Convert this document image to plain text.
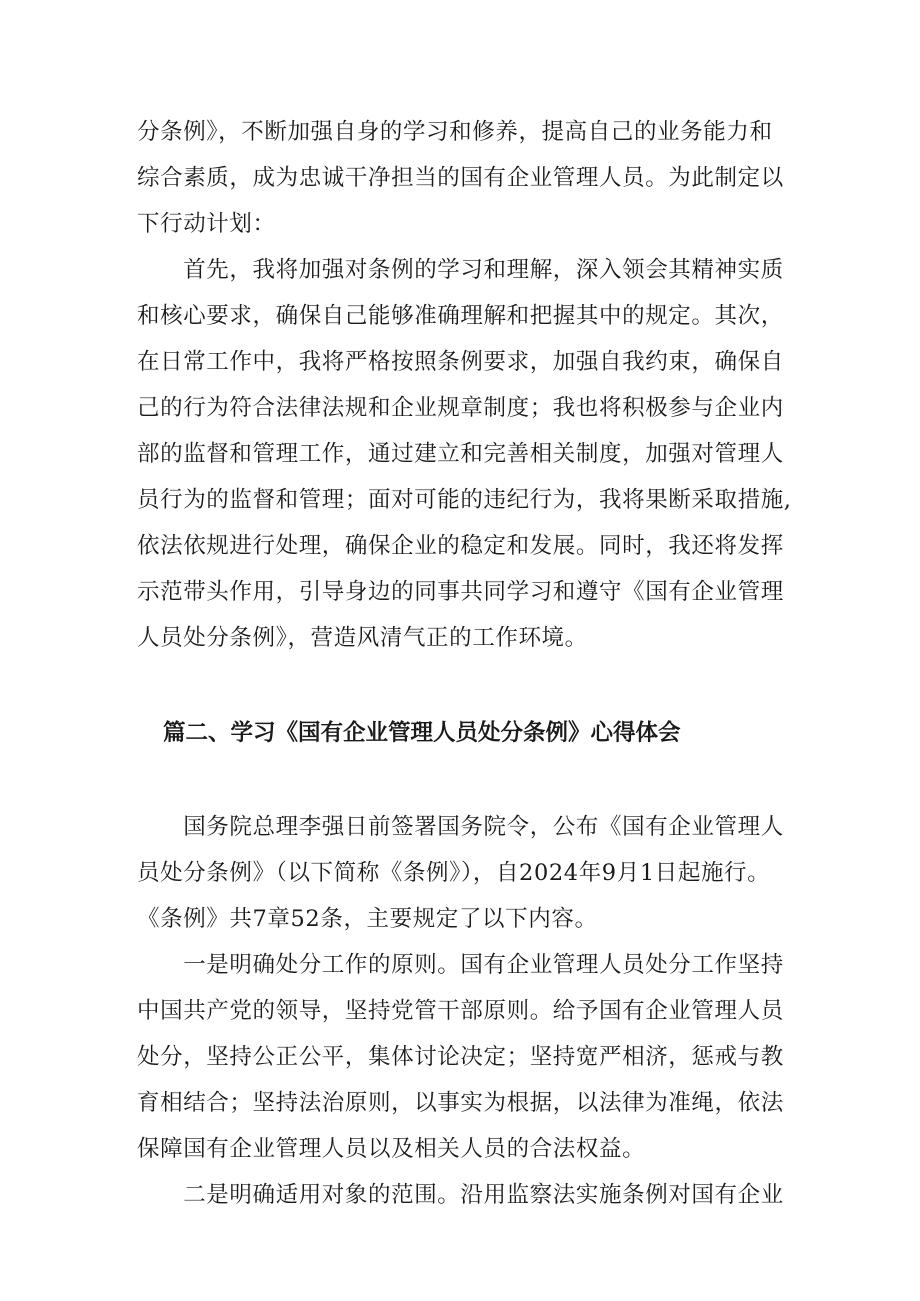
分条例》，不断加强自身的学习和修养，提高自己的业务能力和
综合素质，成为忠诚干净担当的国有企业管理人员。为此制定以
下行动计划：
　　首先，我将加强对条例的学习和理解，深入领会其精神实质
和核心要求，确保自己能够准确理解和把握其中的规定。其次，
在日常工作中，我将严格按照条例要求，加强自我约束，确保自
己的行为符合法律法规和企业规章制度；我也将积极参与企业内
部的监督和管理工作，通过建立和完善相关制度，加强对管理人
员行为的监督和管理；面对可能的违纪行为，我将果断采取措施,
依法依规进行处理，确保企业的稳定和发展。同时，我还将发挥
示范带头作用，引导身边的同事共同学习和遵守《国有企业管理
人员处分条例》，营造风清气正的工作环境。
篇二、学习《国有企业管理人员处分条例》心得体会
　　国务院总理李强日前签署国务院令，公布《国有企业管理人
员处分条例》（以下简称《条例》），自2024年9月1日起施行。
《条例》共7章52条，主要规定了以下内容。
　　一是明确处分工作的原则。国有企业管理人员处分工作坚持
中国共产党的领导，坚持党管干部原则。给予国有企业管理人员
处分，坚持公正公平，集体讨论决定；坚持宽严相济，惩戒与教
育相结合；坚持法治原则，以事实为根据，以法律为准绳，依法
保障国有企业管理人员以及相关人员的合法权益。
　　二是明确适用对象的范围。沿用监察法实施条例对国有企业
